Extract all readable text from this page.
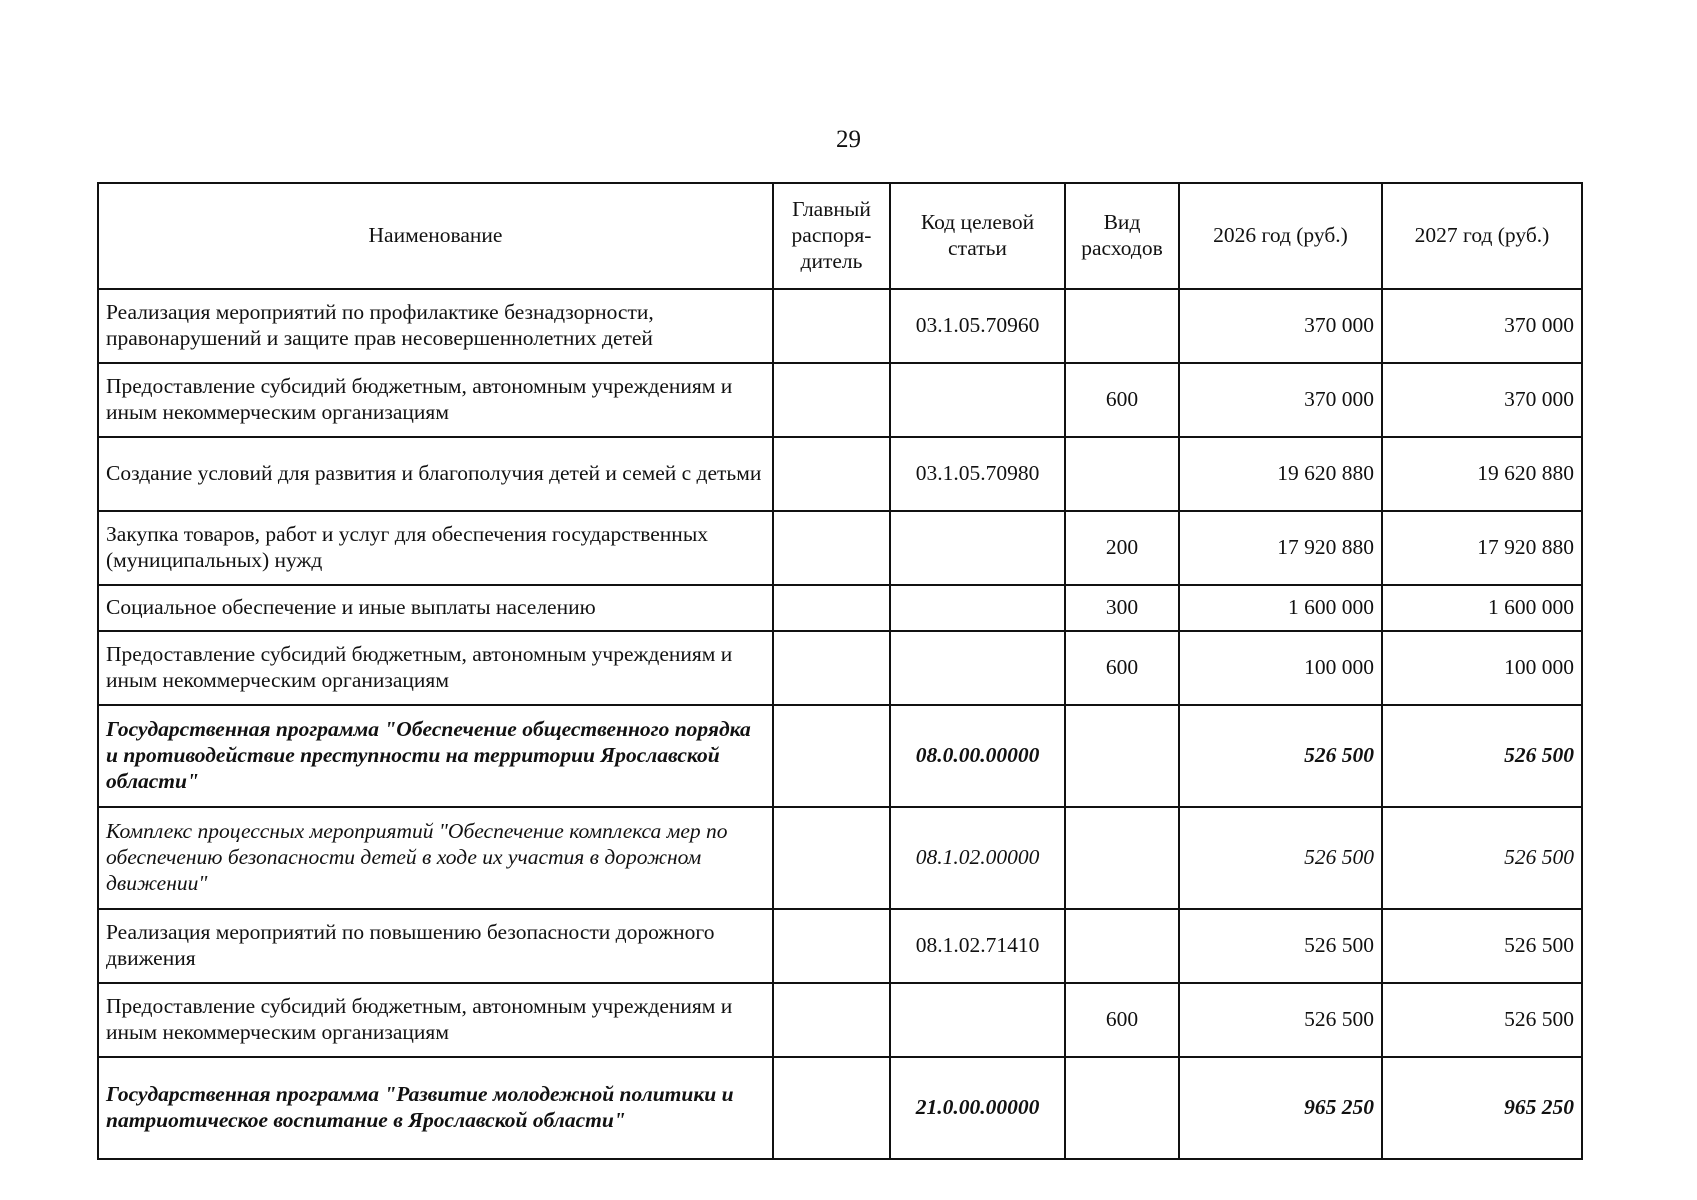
29
Наименование	Главный распоря-дитель	Код целевой статьи	Вид расходов	2026 год (руб.)	2027 год (руб.)
Реализация мероприятий по профилактике безнадзорности, правонарушений и защите прав несовершеннолетних детей		03.1.05.70960		370 000	370 000
Предоставление субсидий бюджетным, автономным учреждениям и иным некоммерческим организациям			600	370 000	370 000
Создание условий для развития и благополучия детей и семей с детьми		03.1.05.70980		19 620 880	19 620 880
Закупка товаров, работ и услуг для обеспечения государственных (муниципальных) нужд			200	17 920 880	17 920 880
Социальное обеспечение и иные выплаты населению			300	1 600 000	1 600 000
Предоставление субсидий бюджетным, автономным учреждениям и иным некоммерческим организациям			600	100 000	100 000
Государственная программа "Обеспечение общественного порядка и противодействие преступности на территории Ярославской области"		08.0.00.00000		526 500	526 500
Комплекс процессных мероприятий "Обеспечение комплекса мер по обеспечению безопасности детей в ходе их участия в дорожном движении"		08.1.02.00000		526 500	526 500
Реализация мероприятий по повышению безопасности дорожного движения		08.1.02.71410		526 500	526 500
Предоставление субсидий бюджетным, автономным учреждениям и иным некоммерческим организациям			600	526 500	526 500
Государственная программа "Развитие молодежной политики и патриотическое воспитание в Ярославской области"		21.0.00.00000		965 250	965 250
